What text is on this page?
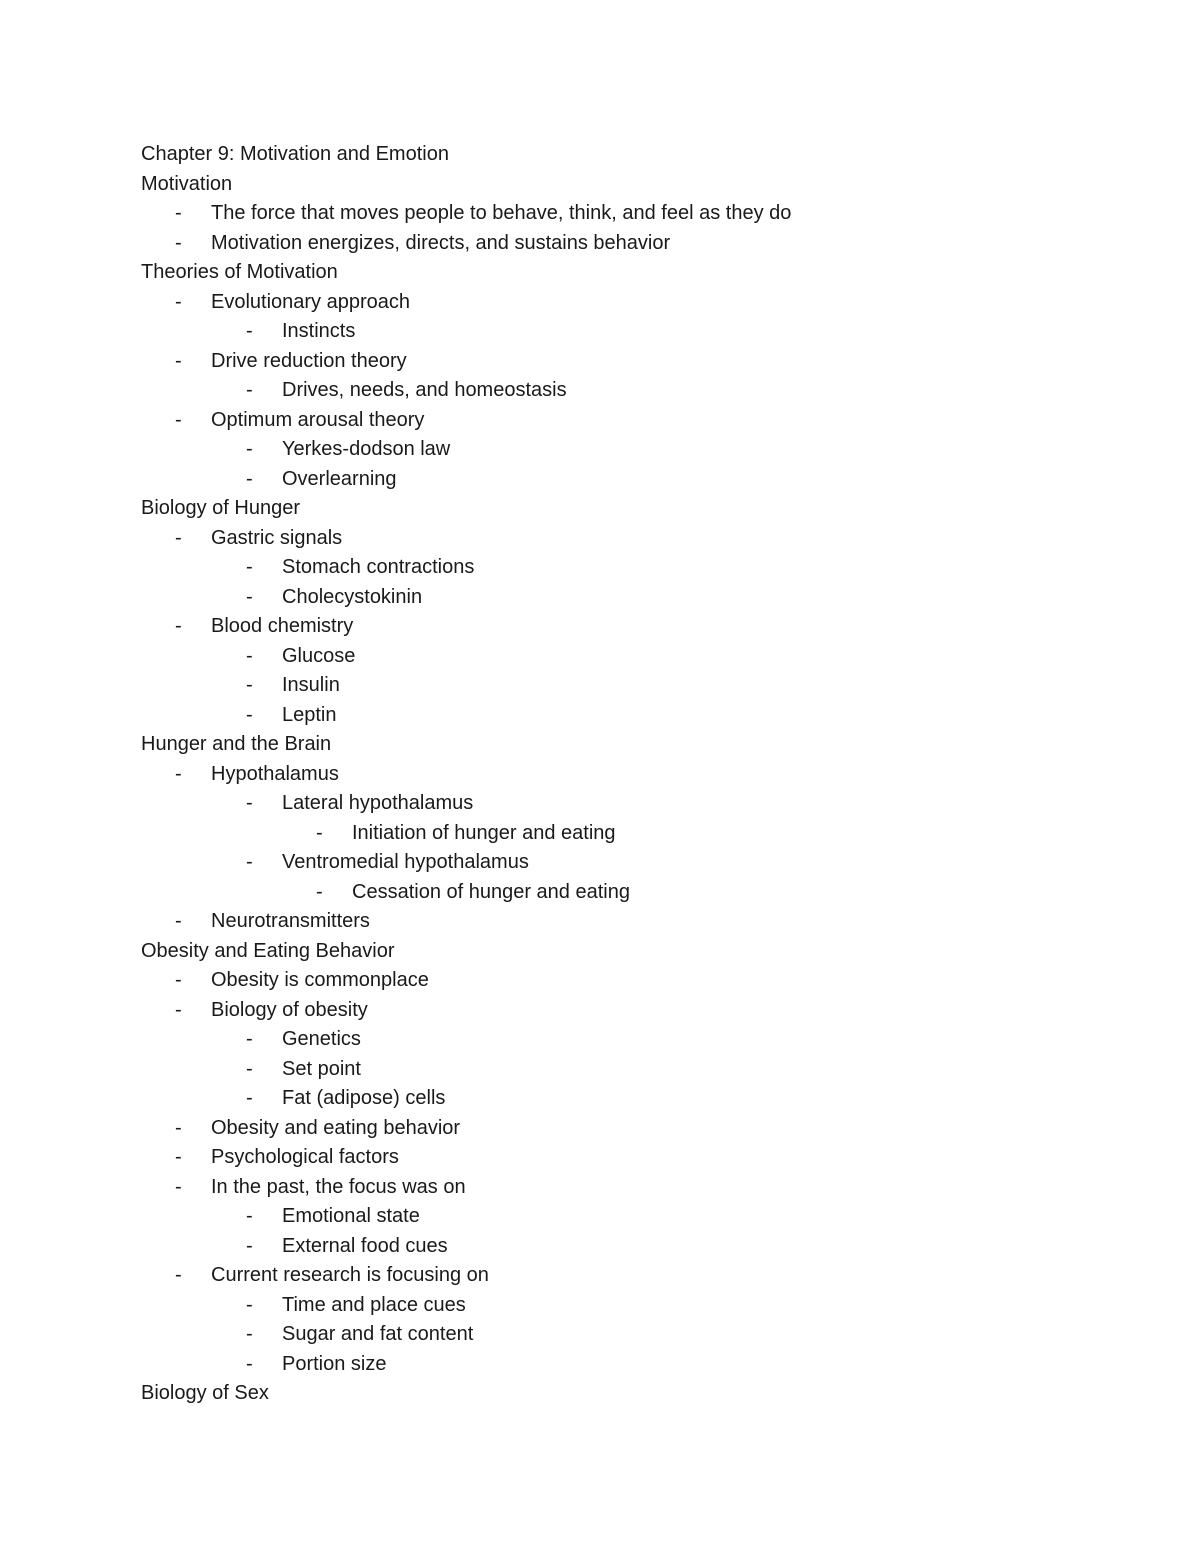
Chapter 9: Motivation and Emotion
Motivation
- The force that moves people to behave, think, and feel as they do
- Motivation energizes, directs, and sustains behavior
Theories of Motivation
- Evolutionary approach
- Instincts
- Drive reduction theory
- Drives, needs, and homeostasis
- Optimum arousal theory
- Yerkes-dodson law
- Overlearning
Biology of Hunger
- Gastric signals
- Stomach contractions
- Cholecystokinin
- Blood chemistry
- Glucose
- Insulin
- Leptin
Hunger and the Brain
- Hypothalamus
- Lateral hypothalamus
- Initiation of hunger and eating
- Ventromedial hypothalamus
- Cessation of hunger and eating
- Neurotransmitters
Obesity and Eating Behavior
- Obesity is commonplace
- Biology of obesity
- Genetics
- Set point
- Fat (adipose) cells
- Obesity and eating behavior
- Psychological factors
- In the past, the focus was on
- Emotional state
- External food cues
- Current research is focusing on
- Time and place cues
- Sugar and fat content
- Portion size
Biology of Sex
